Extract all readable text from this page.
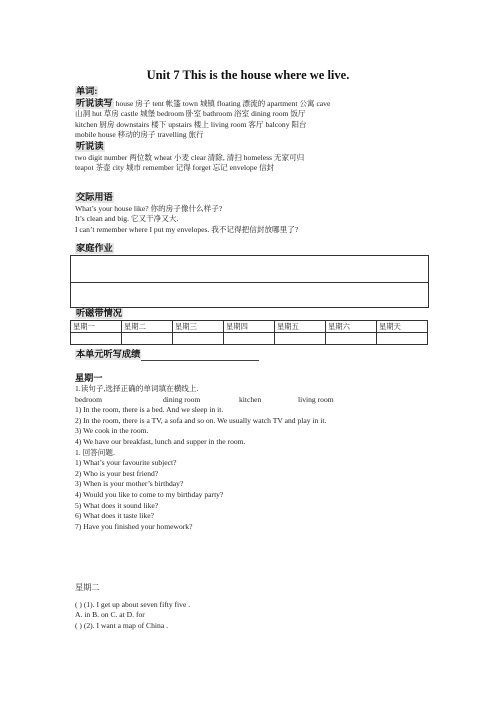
Unit 7 This is the house where we live.
单词:
听说读写 house 房子 tent 帐篷 town 城镇 floating 漂流的 apartment 公寓 cave
山洞 hut 草房 castle 城堡 bedroom 卧室 bathroom 浴室 dining room 饭厅
kitchen 厨房 downstairs 楼下 upstairs 楼上 living room 客厅 balcony 阳台
mobile house 移动的房子 travelling 旅行
听说读
two digit number 两位数 wheat 小麦 clear 清除, 清扫 homeless 无家可归
teapot 茶壶 city 城市 remember 记得 forget 忘记 envelope 信封
交际用语
What’s your house like? 你的房子像什么样子?
It’s clean and big. 它又干净又大.
I can’t remember where I put my envelopes. 我不记得把信封放哪里了?
家庭作业
听磁带情况
星期一	星期二	星期三	星期四	星期五	星期六	星期天

本单元听写成绩
星期一
1.读句子,选择正确的单词填在横线上.
bedroom	dining room	kitchen	living room
1) In the room, there is a bed. And we sleep in it.
2) In the room, there is a TV, a sofa and so on. We usually watch TV and play in it.
3) We cook in the room.
4) We have our breakfast, lunch and supper in the room.
1. 回答问题.
1) What’s your favourite subject?
2) Who is your best friend?
3) When is your mother’s birthday?
4) Would you like to come to my birthday party?
5) What does it sound like?
6) What does it taste like?
7) Have you finished your homework?
星期二
( ) (1). I get up about seven fifty five .
A. in B. on C. at D. for
( ) (2). I want a map of China .
